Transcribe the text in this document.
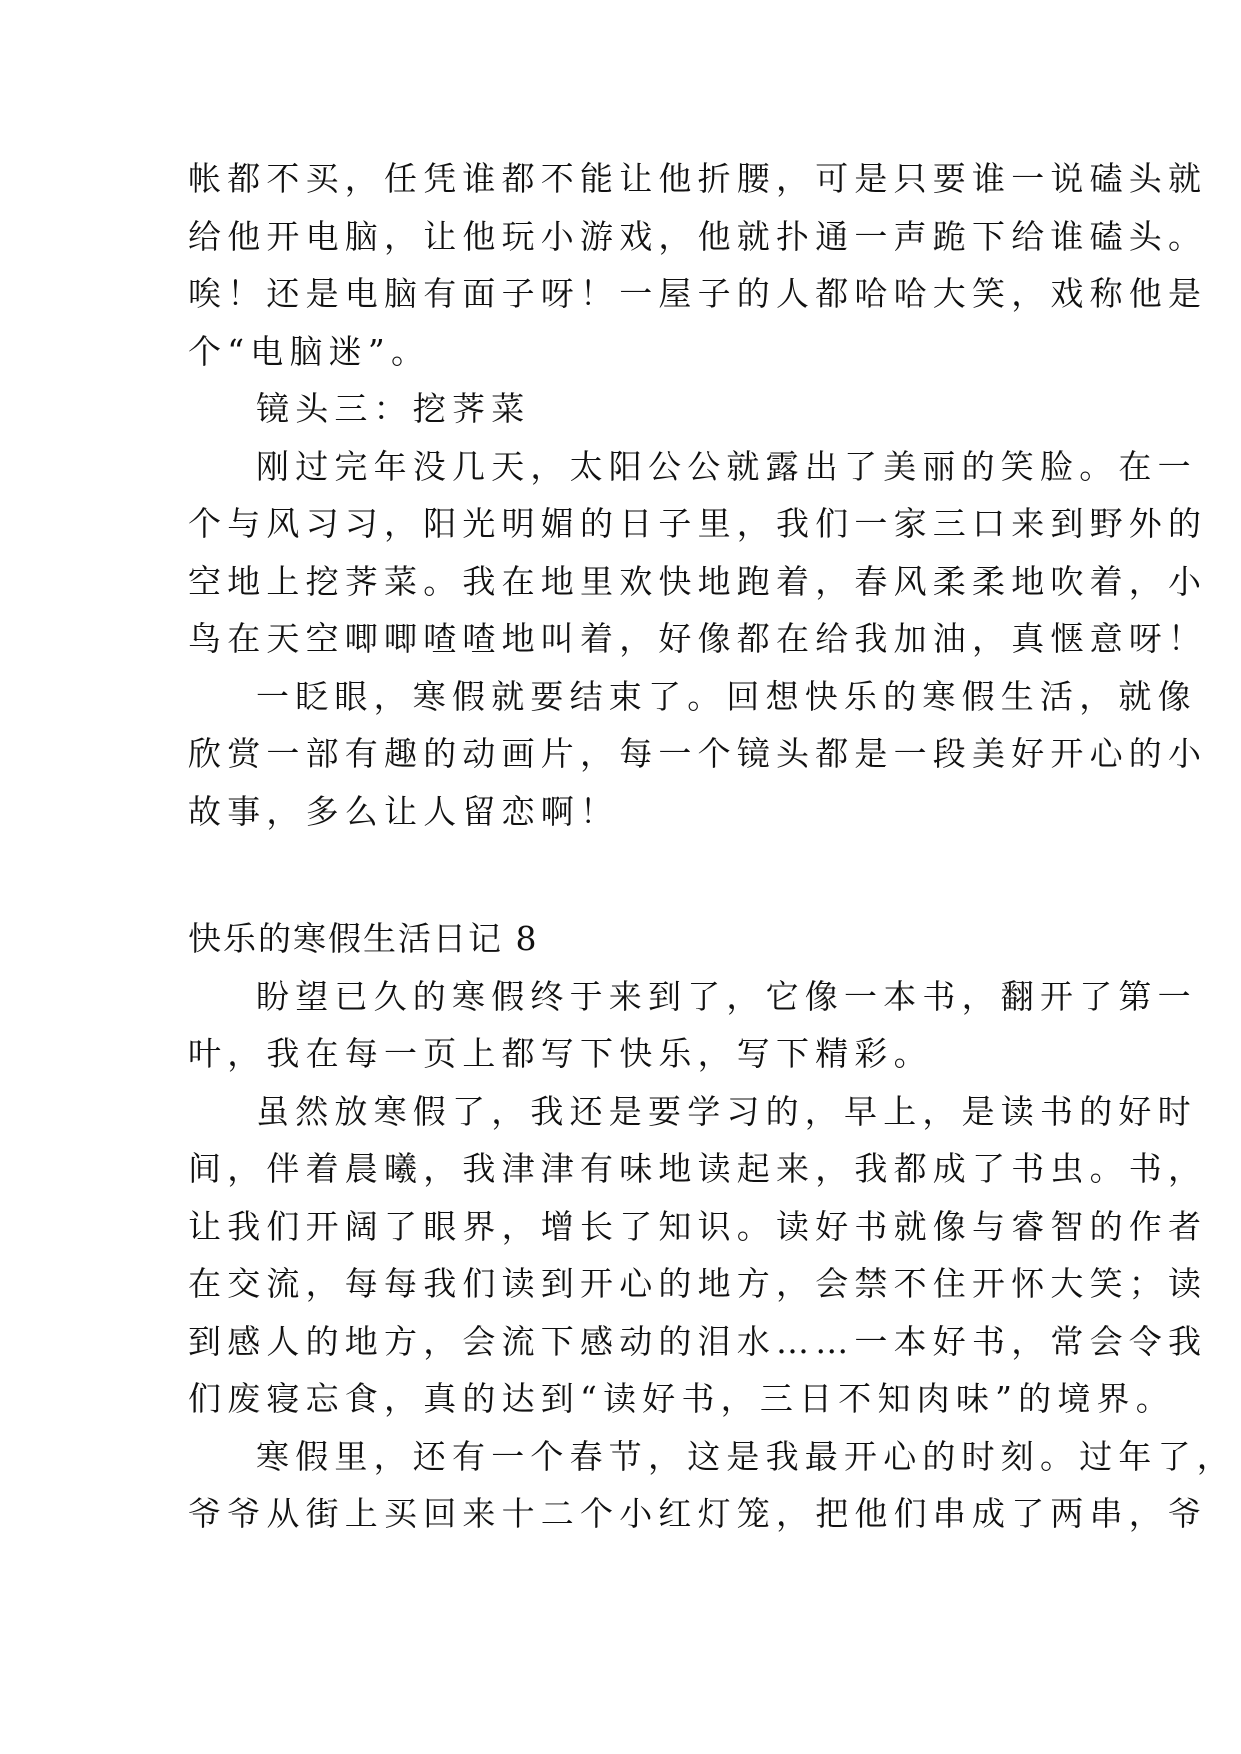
帐都不买，任凭谁都不能让他折腰，可是只要谁一说磕头就
给他开电脑，让他玩小游戏，他就扑通一声跪下给谁磕头。
唉！还是电脑有面子呀！一屋子的人都哈哈大笑，戏称他是
个“电脑迷”。
镜头三：挖荠菜
刚过完年没几天，太阳公公就露出了美丽的笑脸。在一
个与风习习，阳光明媚的日子里，我们一家三口来到野外的
空地上挖荠菜。我在地里欢快地跑着，春风柔柔地吹着，小
鸟在天空唧唧喳喳地叫着，好像都在给我加油，真惬意呀！
一眨眼，寒假就要结束了。回想快乐的寒假生活，就像
欣赏一部有趣的动画片，每一个镜头都是一段美好开心的小
故事，多么让人留恋啊！
快乐的寒假生活日记 8
盼望已久的寒假终于来到了，它像一本书，翻开了第一
叶，我在每一页上都写下快乐，写下精彩。
虽然放寒假了，我还是要学习的，早上，是读书的好时
间，伴着晨曦，我津津有味地读起来，我都成了书虫。书，
让我们开阔了眼界，增长了知识。读好书就像与睿智的作者
在交流，每每我们读到开心的地方，会禁不住开怀大笑；读
到感人的地方，会流下感动的泪水……一本好书，常会令我
们废寝忘食，真的达到“读好书，三日不知肉味”的境界。
寒假里，还有一个春节，这是我最开心的时刻。过年了，
爷爷从街上买回来十二个小红灯笼，把他们串成了两串，爷
